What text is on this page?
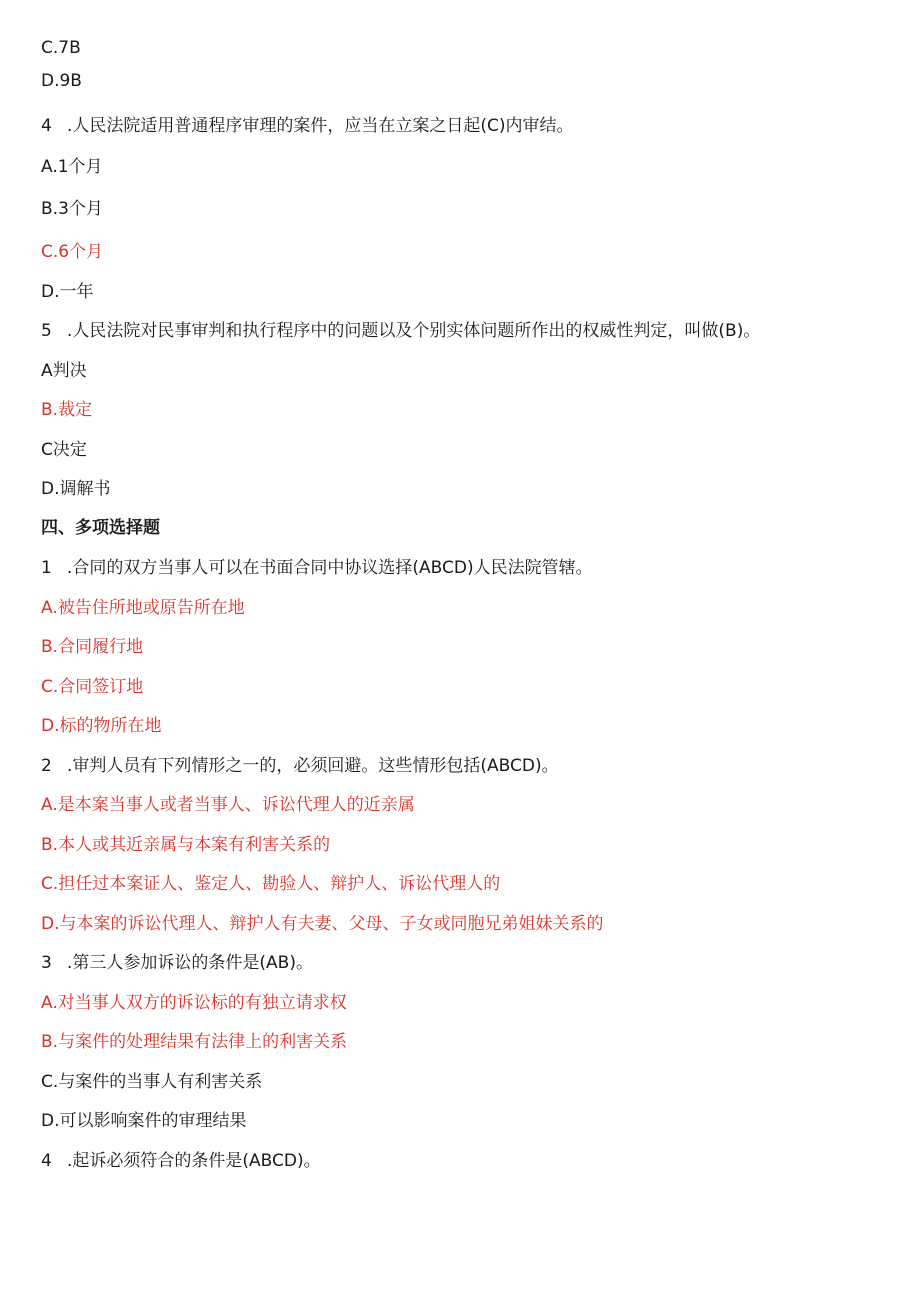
C.7B
D.9B
4 .人民法院适用普通程序审理的案件，应当在立案之日起(C)内审结。
A.1个月
B.3个月
C.6个月
D.一年
5 .人民法院对民事审判和执行程序中的问题以及个别实体问题所作出的权威性判定，叫做(B)。
A判决
B.裁定
C决定
D.调解书
四、多项选择题
1 .合同的双方当事人可以在书面合同中协议选择(ABCD)人民法院管辖。
A.被告住所地或原告所在地
B.合同履行地
C.合同签订地
D.标的物所在地
2 .审判人员有下列情形之一的，必须回避。这些情形包括(ABCD)。
A.是本案当事人或者当事人、诉讼代理人的近亲属
B.本人或其近亲属与本案有利害关系的
C.担任过本案证人、鉴定人、勘验人、辩护人、诉讼代理人的
D.与本案的诉讼代理人、辩护人有夫妻、父母、子女或同胞兄弟姐妹关系的
3 .第三人参加诉讼的条件是(AB)。
A.对当事人双方的诉讼标的有独立请求权
B.与案件的处理结果有法律上的利害关系
C.与案件的当事人有利害关系
D.可以影响案件的审理结果
4 .起诉必须符合的条件是(ABCD)。
